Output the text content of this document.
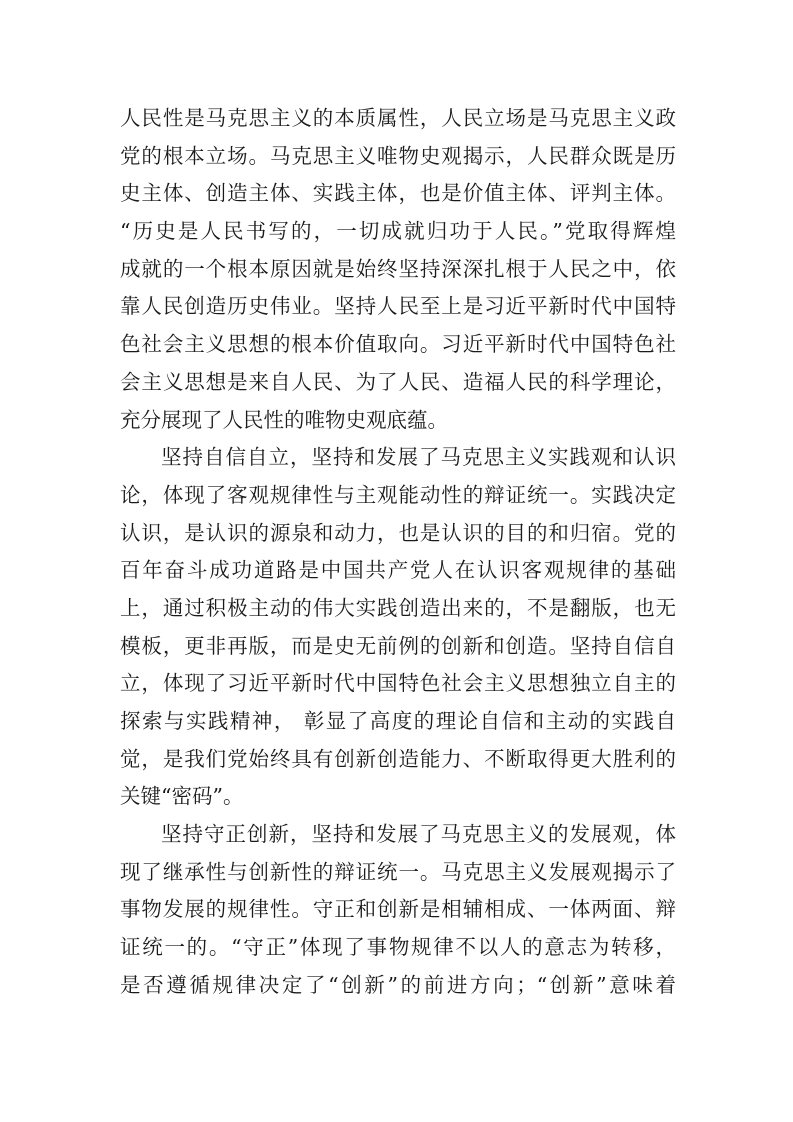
人民性是马克思主义的本质属性，人民立场是马克思主义政
党的根本立场。马克思主义唯物史观揭示，人民群众既是历
史主体、创造主体、实践主体，也是价值主体、评判主体。
“历史是人民书写的，一切成就归功于人民。”党取得辉煌
成就的一个根本原因就是始终坚持深深扎根于人民之中，依
靠人民创造历史伟业。坚持人民至上是习近平新时代中国特
色社会主义思想的根本价值取向。习近平新时代中国特色社
会主义思想是来自人民、为了人民、造福人民的科学理论，
充分展现了人民性的唯物史观底蕴。
坚持自信自立，坚持和发展了马克思主义实践观和认识
论，体现了客观规律性与主观能动性的辩证统一。实践决定
认识，是认识的源泉和动力，也是认识的目的和归宿。党的
百年奋斗成功道路是中国共产党人在认识客观规律的基础
上，通过积极主动的伟大实践创造出来的，不是翻版，也无
模板，更非再版，而是史无前例的创新和创造。坚持自信自
立，体现了习近平新时代中国特色社会主义思想独立自主的
探索与实践精神， 彰显了高度的理论自信和主动的实践自
觉，是我们党始终具有创新创造能力、不断取得更大胜利的
关键“密码”。
坚持守正创新，坚持和发展了马克思主义的发展观，体
现了继承性与创新性的辩证统一。马克思主义发展观揭示了
事物发展的规律性。守正和创新是相辅相成、一体两面、辩
证统一的。“守正”体现了事物规律不以人的意志为转移，
是否遵循规律决定了“创新”的前进方向；“创新”意味着
